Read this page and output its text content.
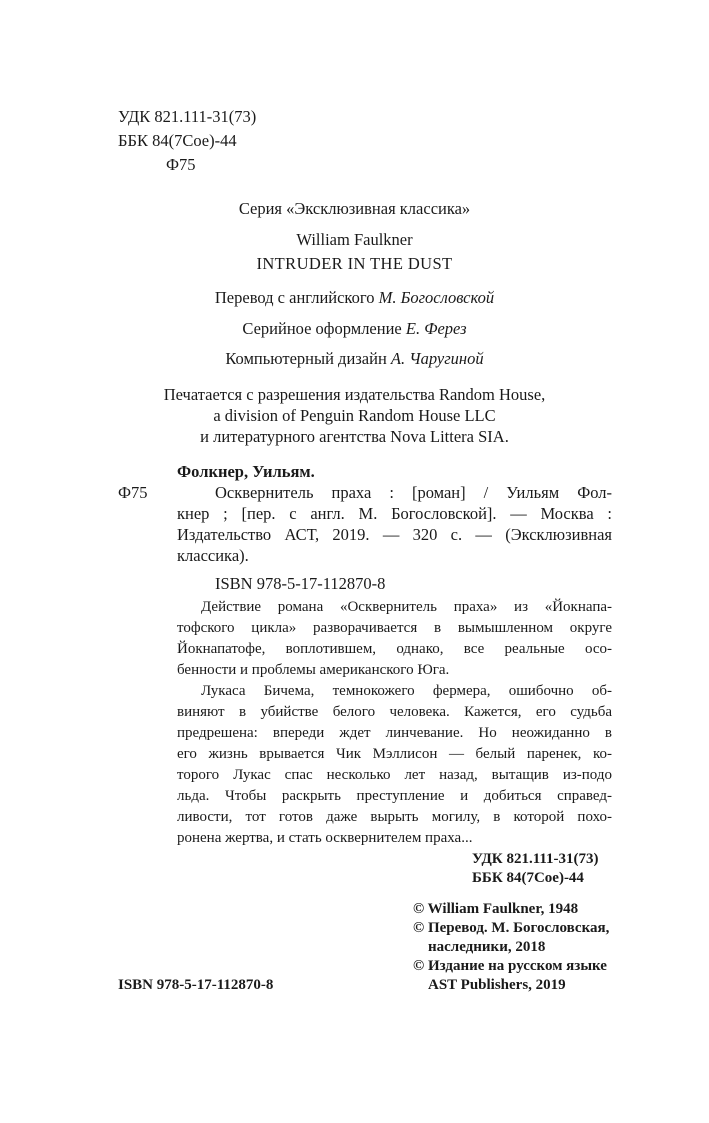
УДК 821.111-31(73)
ББК 84(7Сое)-44
Ф75
Серия «Эксклюзивная классика»
William Faulkner
INTRUDER IN THE DUST
Перевод с английского М. Богословской
Серийное оформление Е. Ферез
Компьютерный дизайн А. Чаругиной
Печатается с разрешения издательства Random House,
a division of Penguin Random House LLC
и литературного агентства Nova Littera SIA.
Фолкнер, Уильям.
Ф75	Осквернитель праха : [роман] / Уильям Фол-
кнер ; [пер. с англ. М. Богословской]. — Москва :
Издательство АСТ, 2019. — 320 с. — (Эксклюзивная
классика).
ISBN 978-5-17-112870-8
Действие романа «Осквернитель праха» из «Йокнапа-
тофского цикла» разворачивается в вымышленном округе
Йокнапатофе, воплотившем, однако, все реальные осо-
бенности и проблемы американского Юга.
Лукаса Бичема, темнокожего фермера, ошибочно об-
виняют в убийстве белого человека. Кажется, его судьба
предрешена: впереди ждет линчевание. Но неожиданно в
его жизнь врывается Чик Мэллисон — белый паренек, ко-
торого Лукас спас несколько лет назад, вытащив из-подо
льда. Чтобы раскрыть преступление и добиться справед-
ливости, тот готов даже вырыть могилу, в которой похо-
ронена жертва, и стать осквернителем праха...
УДК 821.111-31(73)
ББК 84(7Сое)-44
© William Faulkner, 1948
© Перевод. М. Богословская,
наследники, 2018
© Издание на русском языке
AST Publishers, 2019
ISBN 978-5-17-112870-8
